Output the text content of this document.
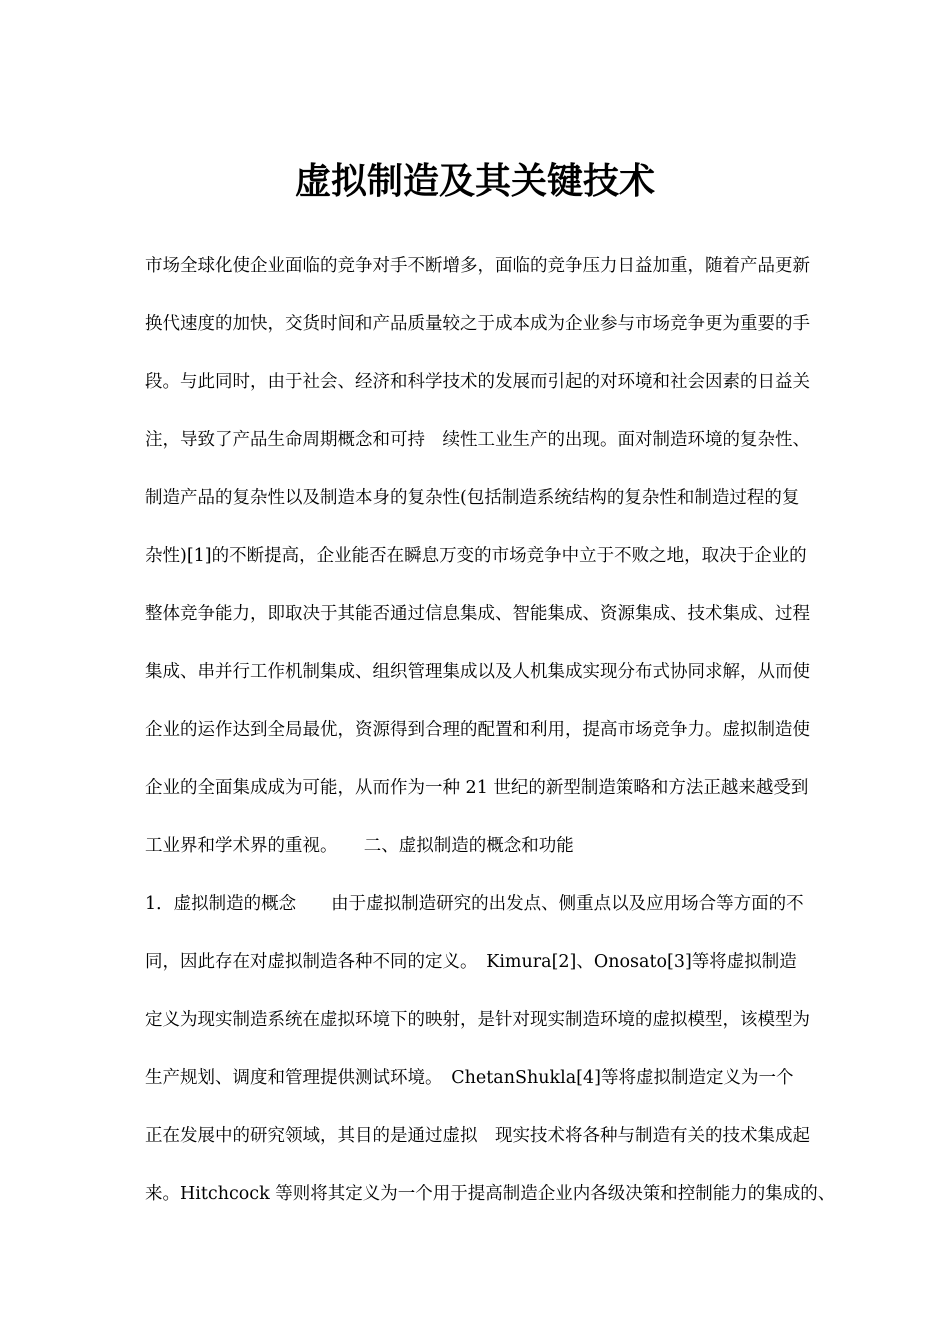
虚拟制造及其关键技术
市场全球化使企业面临的竞争对手不断增多，面临的竞争压力日益加重，随着产品更新
换代速度的加快，交货时间和产品质量较之于成本成为企业参与市场竞争更为重要的手
段。与此同时，由于社会、经济和科学技术的发展而引起的对环境和社会因素的日益关
注，导致了产品生命周期概念和可持　续性工业生产的出现。面对制造环境的复杂性、
制造产品的复杂性以及制造本身的复杂性(包括制造系统结构的复杂性和制造过程的复
杂性)[1]的不断提高，企业能否在瞬息万变的市场竞争中立于不败之地，取决于企业的
整体竞争能力，即取决于其能否通过信息集成、智能集成、资源集成、技术集成、过程
集成、串并行工作机制集成、组织管理集成以及人机集成实现分布式协同求解，从而使
企业的运作达到全局最优，资源得到合理的配置和利用，提高市场竞争力。虚拟制造使
企业的全面集成成为可能，从而作为一种 21 世纪的新型制造策略和方法正越来越受到
工业界和学术界的重视。　　二、虚拟制造的概念和功能
1．虚拟制造的概念　　由于虚拟制造研究的出发点、侧重点以及应用场合等方面的不
同，因此存在对虚拟制造各种不同的定义。　Kimura[2]、Onosato[3]等将虚拟制造
定义为现实制造系统在虚拟环境下的映射，是针对现实制造环境的虚拟模型，该模型为
生产规划、调度和管理提供测试环境。　ChetanShukla[4]等将虚拟制造定义为一个
正在发展中的研究领域，其目的是通过虚拟　现实技术将各种与制造有关的技术集成起
来。Hitchcock 等则将其定义为一个用于提高制造企业内各级决策和控制能力的集成的、
